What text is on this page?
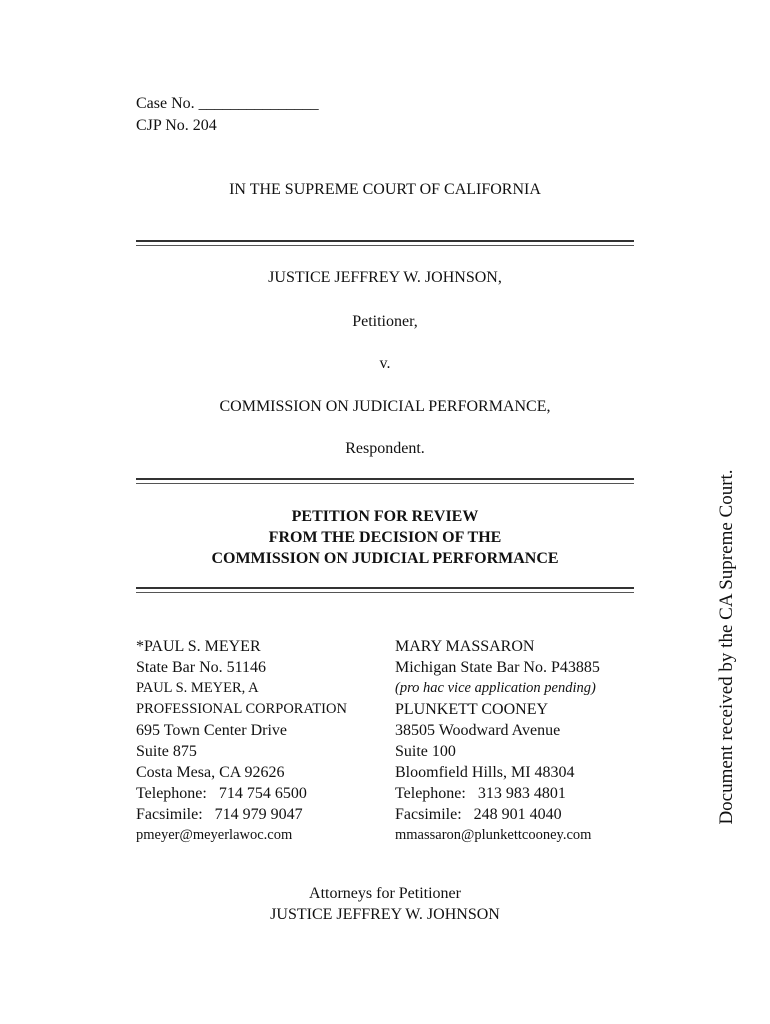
Case No. _______________
CJP No. 204
IN THE SUPREME COURT OF CALIFORNIA
JUSTICE JEFFREY W. JOHNSON,
Petitioner,
v.
COMMISSION ON JUDICIAL PERFORMANCE,
Respondent.
PETITION FOR REVIEW
FROM THE DECISION OF THE
COMMISSION ON JUDICIAL PERFORMANCE
*PAUL S. MEYER
State Bar No. 51146
PAUL S. MEYER, A
PROFESSIONAL CORPORATION
695 Town Center Drive
Suite 875
Costa Mesa, CA 92626
Telephone:   714 754 6500
Facsimile:   714 979 9047
pmeyer@meyerlawoc.com
MARY MASSARON
Michigan State Bar No. P43885
(pro hac vice application pending)
PLUNKETT COONEY
38505 Woodward Avenue
Suite 100
Bloomfield Hills, MI 48304
Telephone:   313 983 4801
Facsimile:   248 901 4040
mmassaron@plunkettcooney.com
Attorneys for Petitioner
JUSTICE JEFFREY W. JOHNSON
Document received by the CA Supreme Court.
